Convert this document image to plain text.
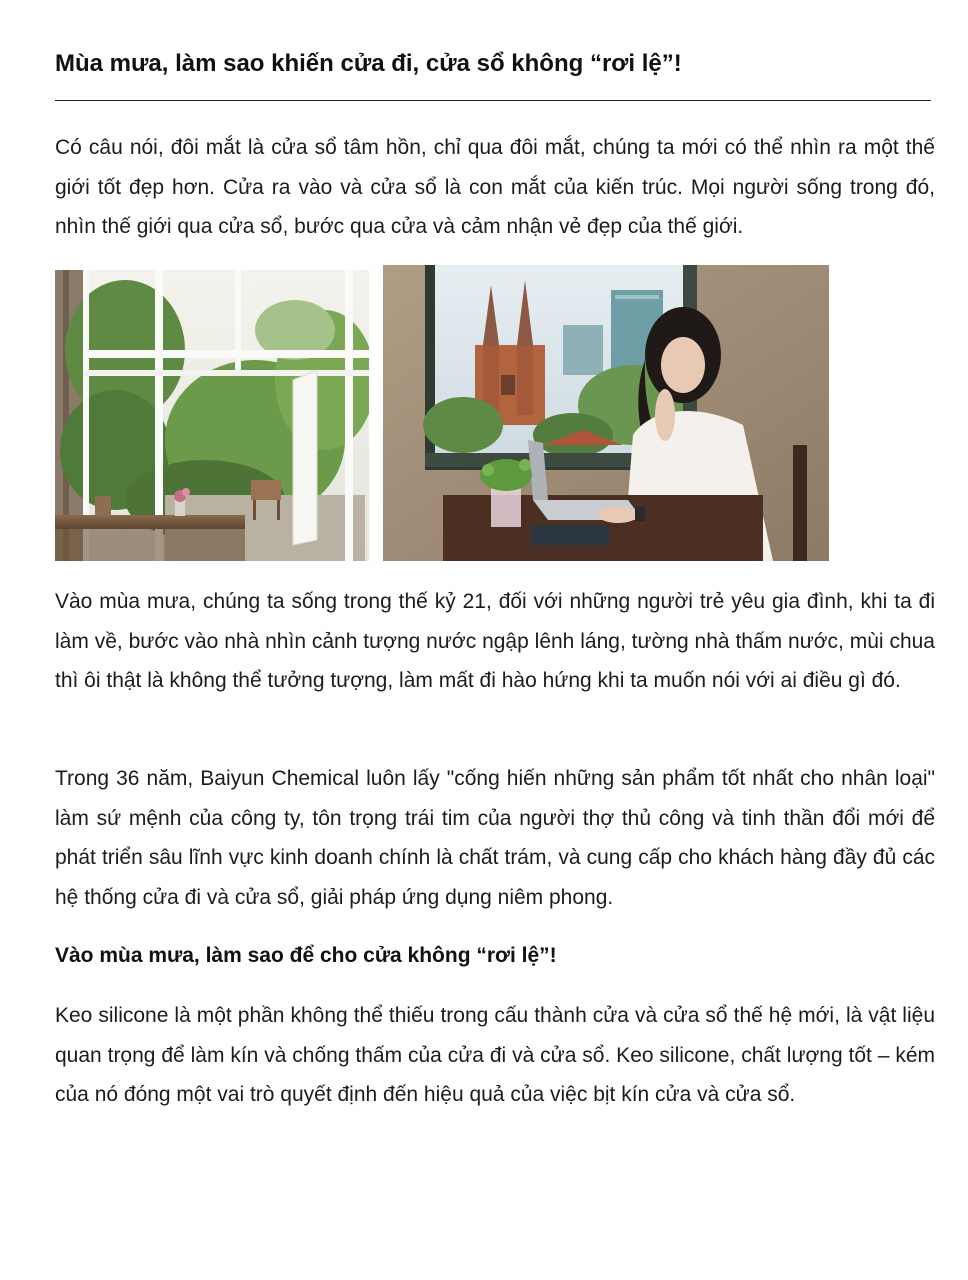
Mùa mưa, làm sao khiến cửa đi, cửa sổ không “rơi lệ”!

Có câu nói, đôi mắt là cửa sổ tâm hồn, chỉ qua đôi mắt, chúng ta mới có thể nhìn ra một thế giới tốt đẹp hơn. Cửa ra vào và cửa sổ là con mắt của kiến trúc. Mọi người sống trong đó, nhìn thế giới qua cửa sổ, bước qua cửa và cảm nhận vẻ đẹp của thế giới.

Vào mùa mưa, chúng ta sống trong thế kỷ 21, đối với những người trẻ yêu gia đình, khi ta đi làm về, bước vào nhà nhìn cảnh tượng nước ngập lênh láng, tường nhà thấm nước, mùi chua thì ôi thật là không thể tưởng tượng, làm mất đi hào hứng khi ta muốn nói với ai điều gì đó.

Trong 36 năm, Baiyun Chemical luôn lấy "cống hiến những sản phẩm tốt nhất cho nhân loại" làm sứ mệnh của công ty, tôn trọng trái tim của người thợ thủ công và tinh thần đổi mới để phát triển sâu lĩnh vực kinh doanh chính là chất trám, và cung cấp cho khách hàng đầy đủ các hệ thống cửa đi và cửa sổ, giải pháp ứng dụng niêm phong.

Vào mùa mưa, làm sao để cho cửa không “rơi lệ”!

Keo silicone là một phần không thể thiếu trong cấu thành cửa và cửa sổ thế hệ mới, là vật liệu quan trọng để làm kín và chống thấm của cửa đi và cửa sổ. Keo silicone, chất lượng tốt – kém của nó đóng một vai trò quyết định đến hiệu quả của việc bịt kín cửa và cửa sổ.
